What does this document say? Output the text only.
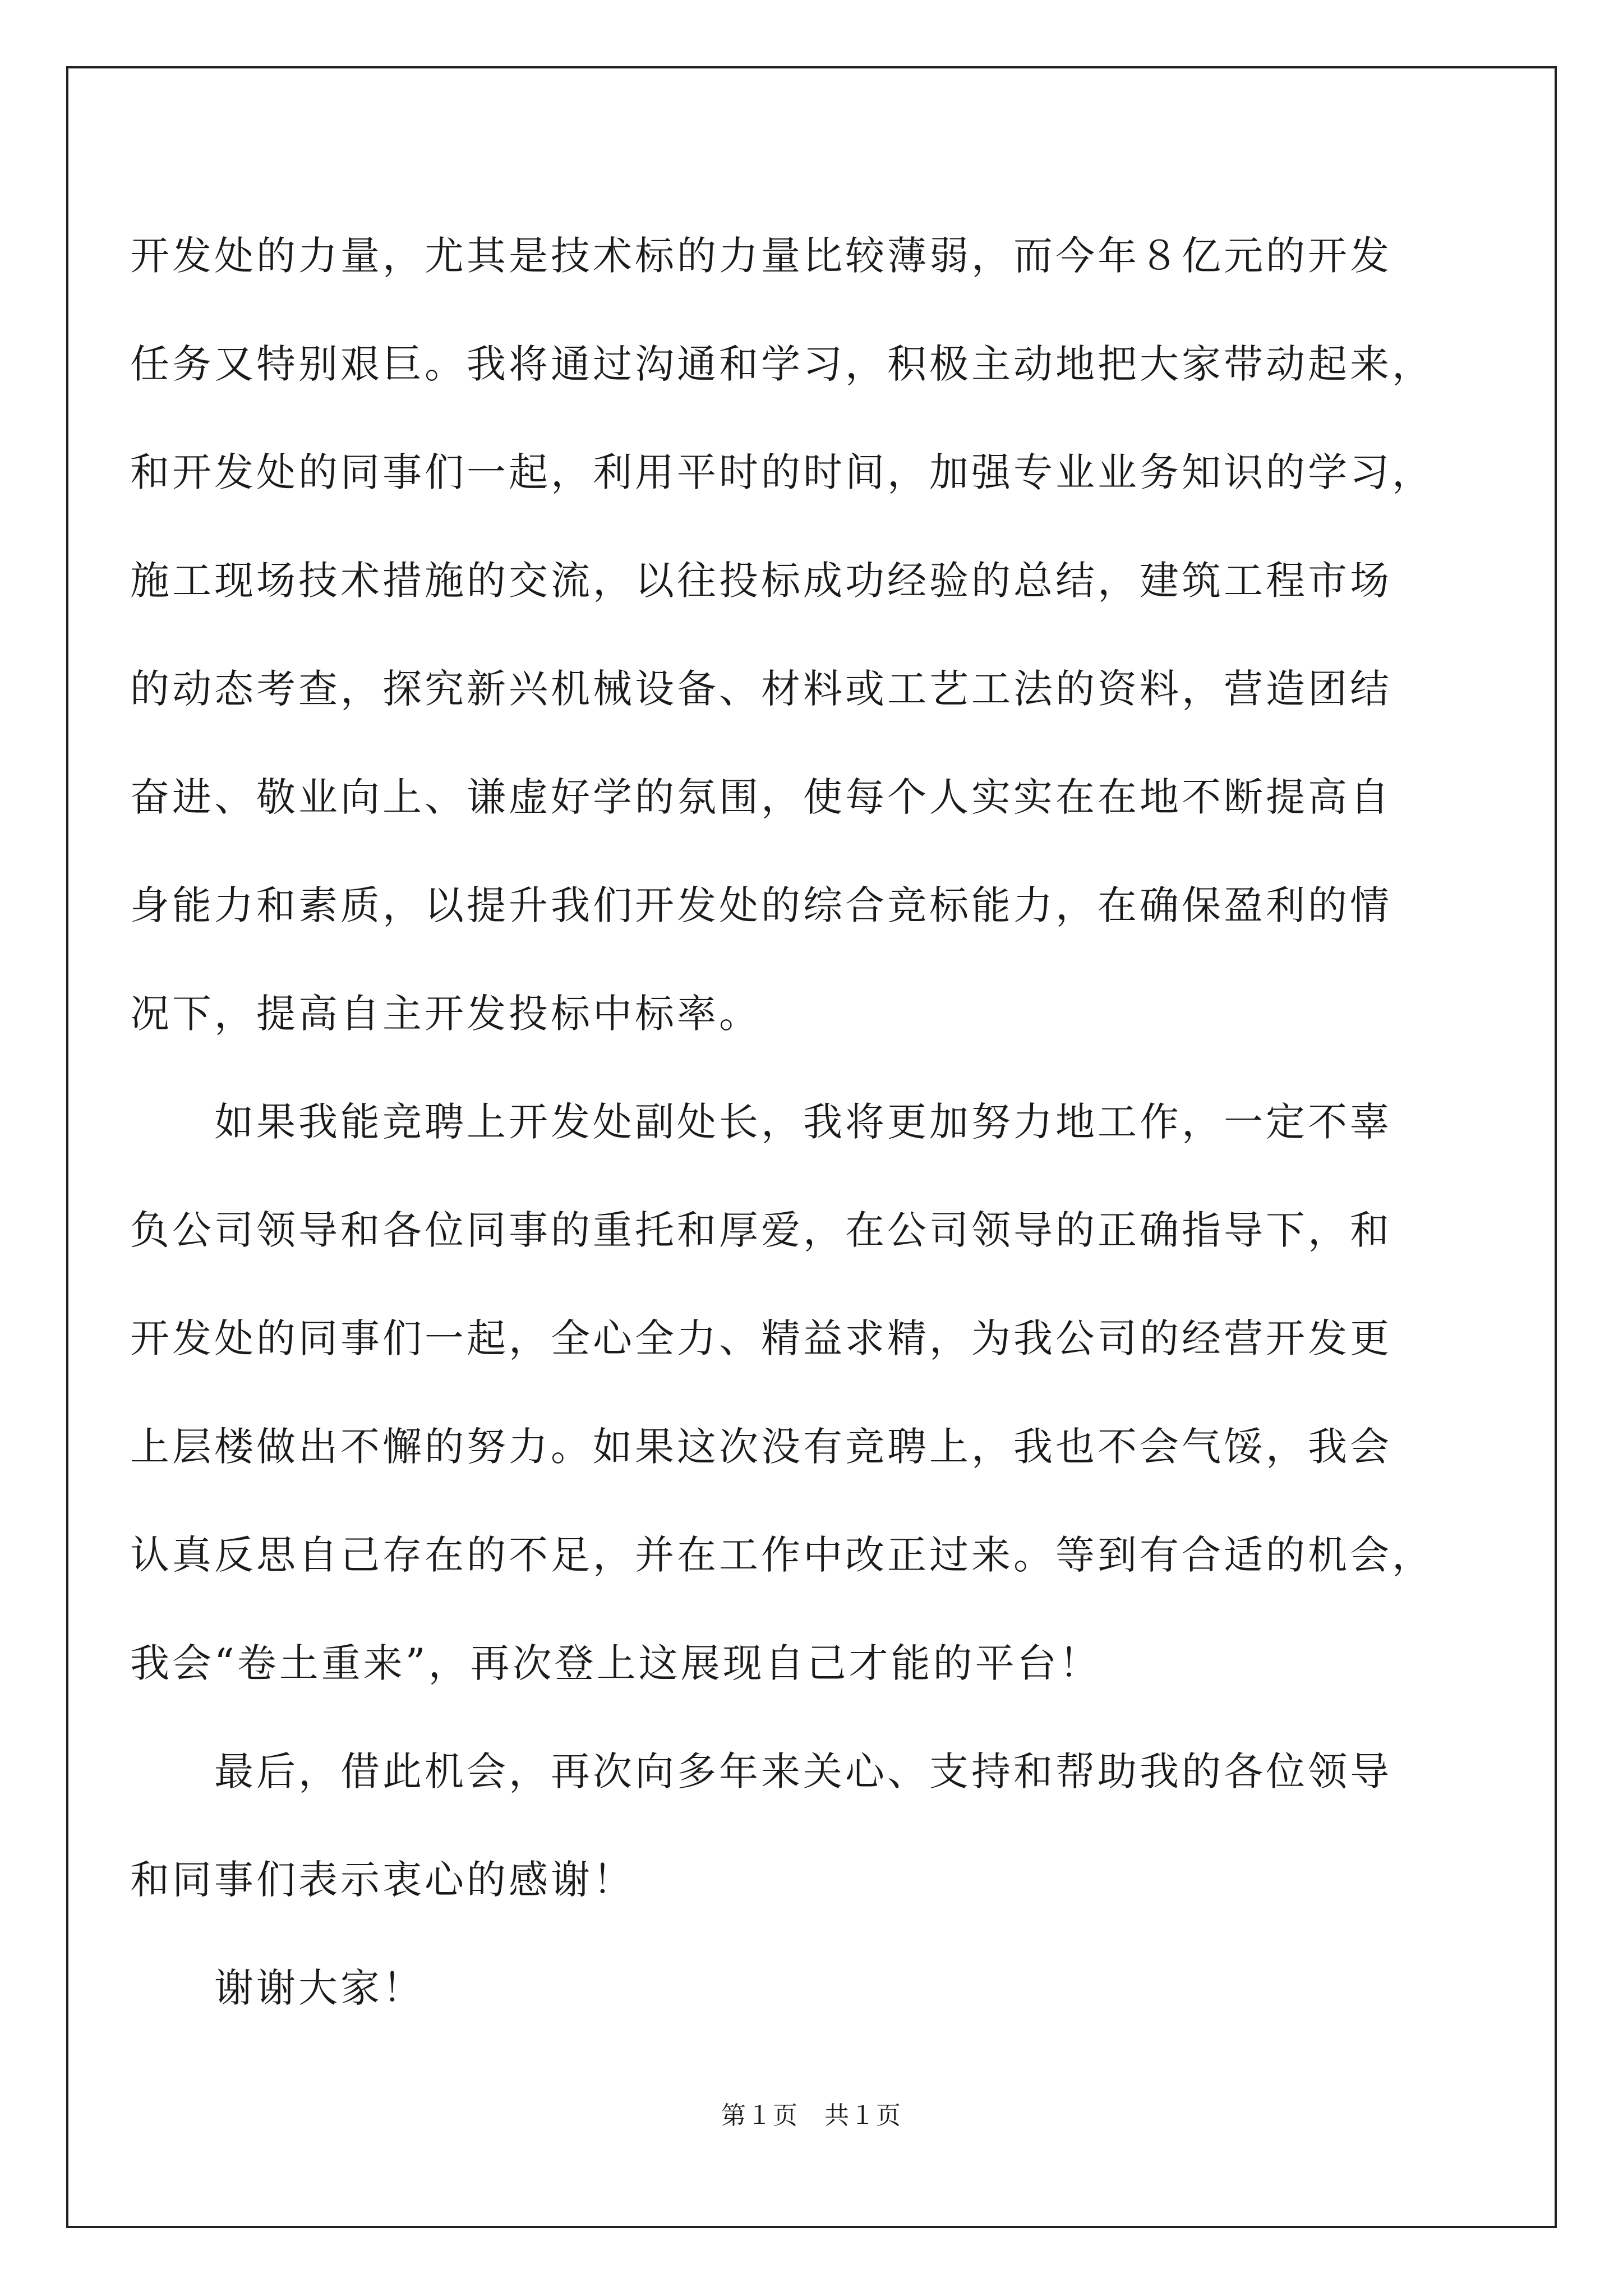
开发处的力量，尤其是技术标的力量比较薄弱，而今年８亿元的开发
任务又特别艰巨。我将通过沟通和学习，积极主动地把大家带动起来，
和开发处的同事们一起，利用平时的时间，加强专业业务知识的学习，
施工现场技术措施的交流，以往投标成功经验的总结，建筑工程市场
的动态考查，探究新兴机械设备、材料或工艺工法的资料，营造团结
奋进、敬业向上、谦虚好学的氛围，使每个人实实在在地不断提高自
身能力和素质，以提升我们开发处的综合竞标能力，在确保盈利的情
况下，提高自主开发投标中标率。

如果我能竞聘上开发处副处长，我将更加努力地工作，一定不辜
负公司领导和各位同事的重托和厚爱，在公司领导的正确指导下，和
开发处的同事们一起，全心全力、精益求精，为我公司的经营开发更
上层楼做出不懈的努力。如果这次没有竞聘上，我也不会气馁，我会
认真反思自己存在的不足，并在工作中改正过来。等到有合适的机会，
我会“卷土重来”，再次登上这展现自己才能的平台！

最后，借此机会，再次向多年来关心、支持和帮助我的各位领导
和同事们表示衷心的感谢！

谢谢大家！

第１页　共１页
